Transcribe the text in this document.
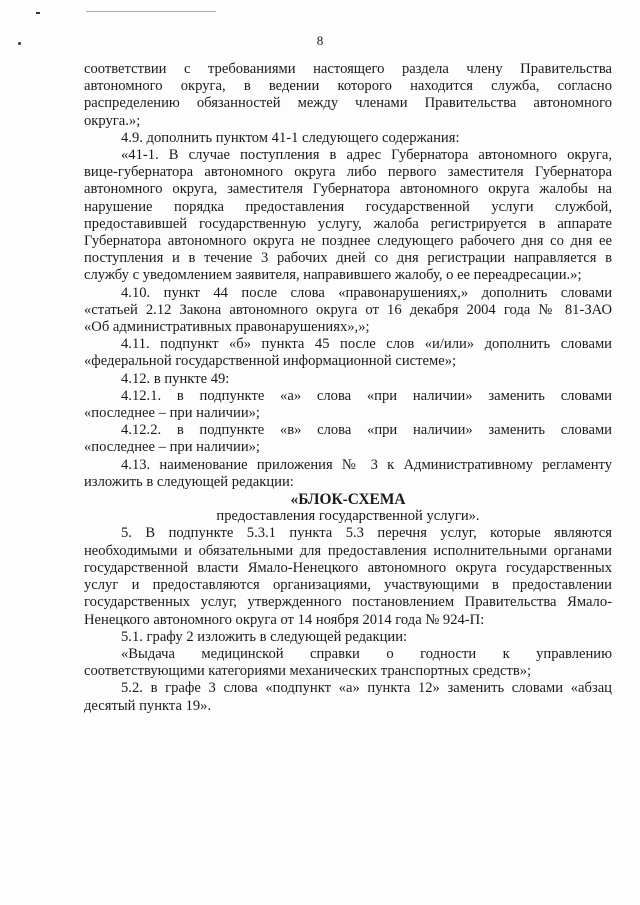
8

соответствии с требованиями настоящего раздела члену Правительства

автономного округа, в ведении которого находится служба, согласно

распределению обязанностей между членами Правительства автономного

округа.»;

4.9. дополнить пунктом 41-1 следующего содержания:

«41-1. В случае поступления в адрес Губернатора автономного округа,

вице-губернатора автономного округа либо первого заместителя Губернатора

автономного округа, заместителя Губернатора автономного округа жалобы на

нарушение порядка предоставления государственной услуги службой,

предоставившей государственную услугу, жалоба регистрируется в аппарате

Губернатора автономного округа не позднее следующего рабочего дня со дня ее

поступления и в течение 3 рабочих дней со дня регистрации направляется в

службу с уведомлением заявителя, направившего жалобу, о ее переадресации.»;

4.10. пункт 44 после слова «правонарушениях,» дополнить словами

«статьей 2.12 Закона автономного округа от 16 декабря 2004 года № 81-ЗАО

«Об административных правонарушениях»,»;

4.11. подпункт «б» пункта 45 после слов «и/или» дополнить словами

«федеральной государственной информационной системе»;

4.12. в пункте 49:

4.12.1. в подпункте «а» слова «при наличии» заменить словами

«последнее – при наличии»;

4.12.2. в подпункте «в» слова «при наличии» заменить словами

«последнее – при наличии»;

4.13. наименование приложения № 3 к Административному регламенту

изложить в следующей редакции:

«БЛОК-СХЕМА

предоставления государственной услуги».

5. В подпункте 5.3.1 пункта 5.3 перечня услуг, которые являются

необходимыми и обязательными для предоставления исполнительными органами

государственной власти Ямало-Ненецкого автономного округа государственных

услуг и предоставляются организациями, участвующими в предоставлении

государственных услуг, утвержденного постановлением Правительства Ямало-

Ненецкого автономного округа от 14 ноября 2014 года № 924-П:

5.1. графу 2 изложить в следующей редакции:

«Выдача медицинской справки о годности к управлению

соответствующими категориями механических транспортных средств»;

5.2. в графе 3 слова «подпункт «а» пункта 12» заменить словами «абзац

десятый пункта 19».
